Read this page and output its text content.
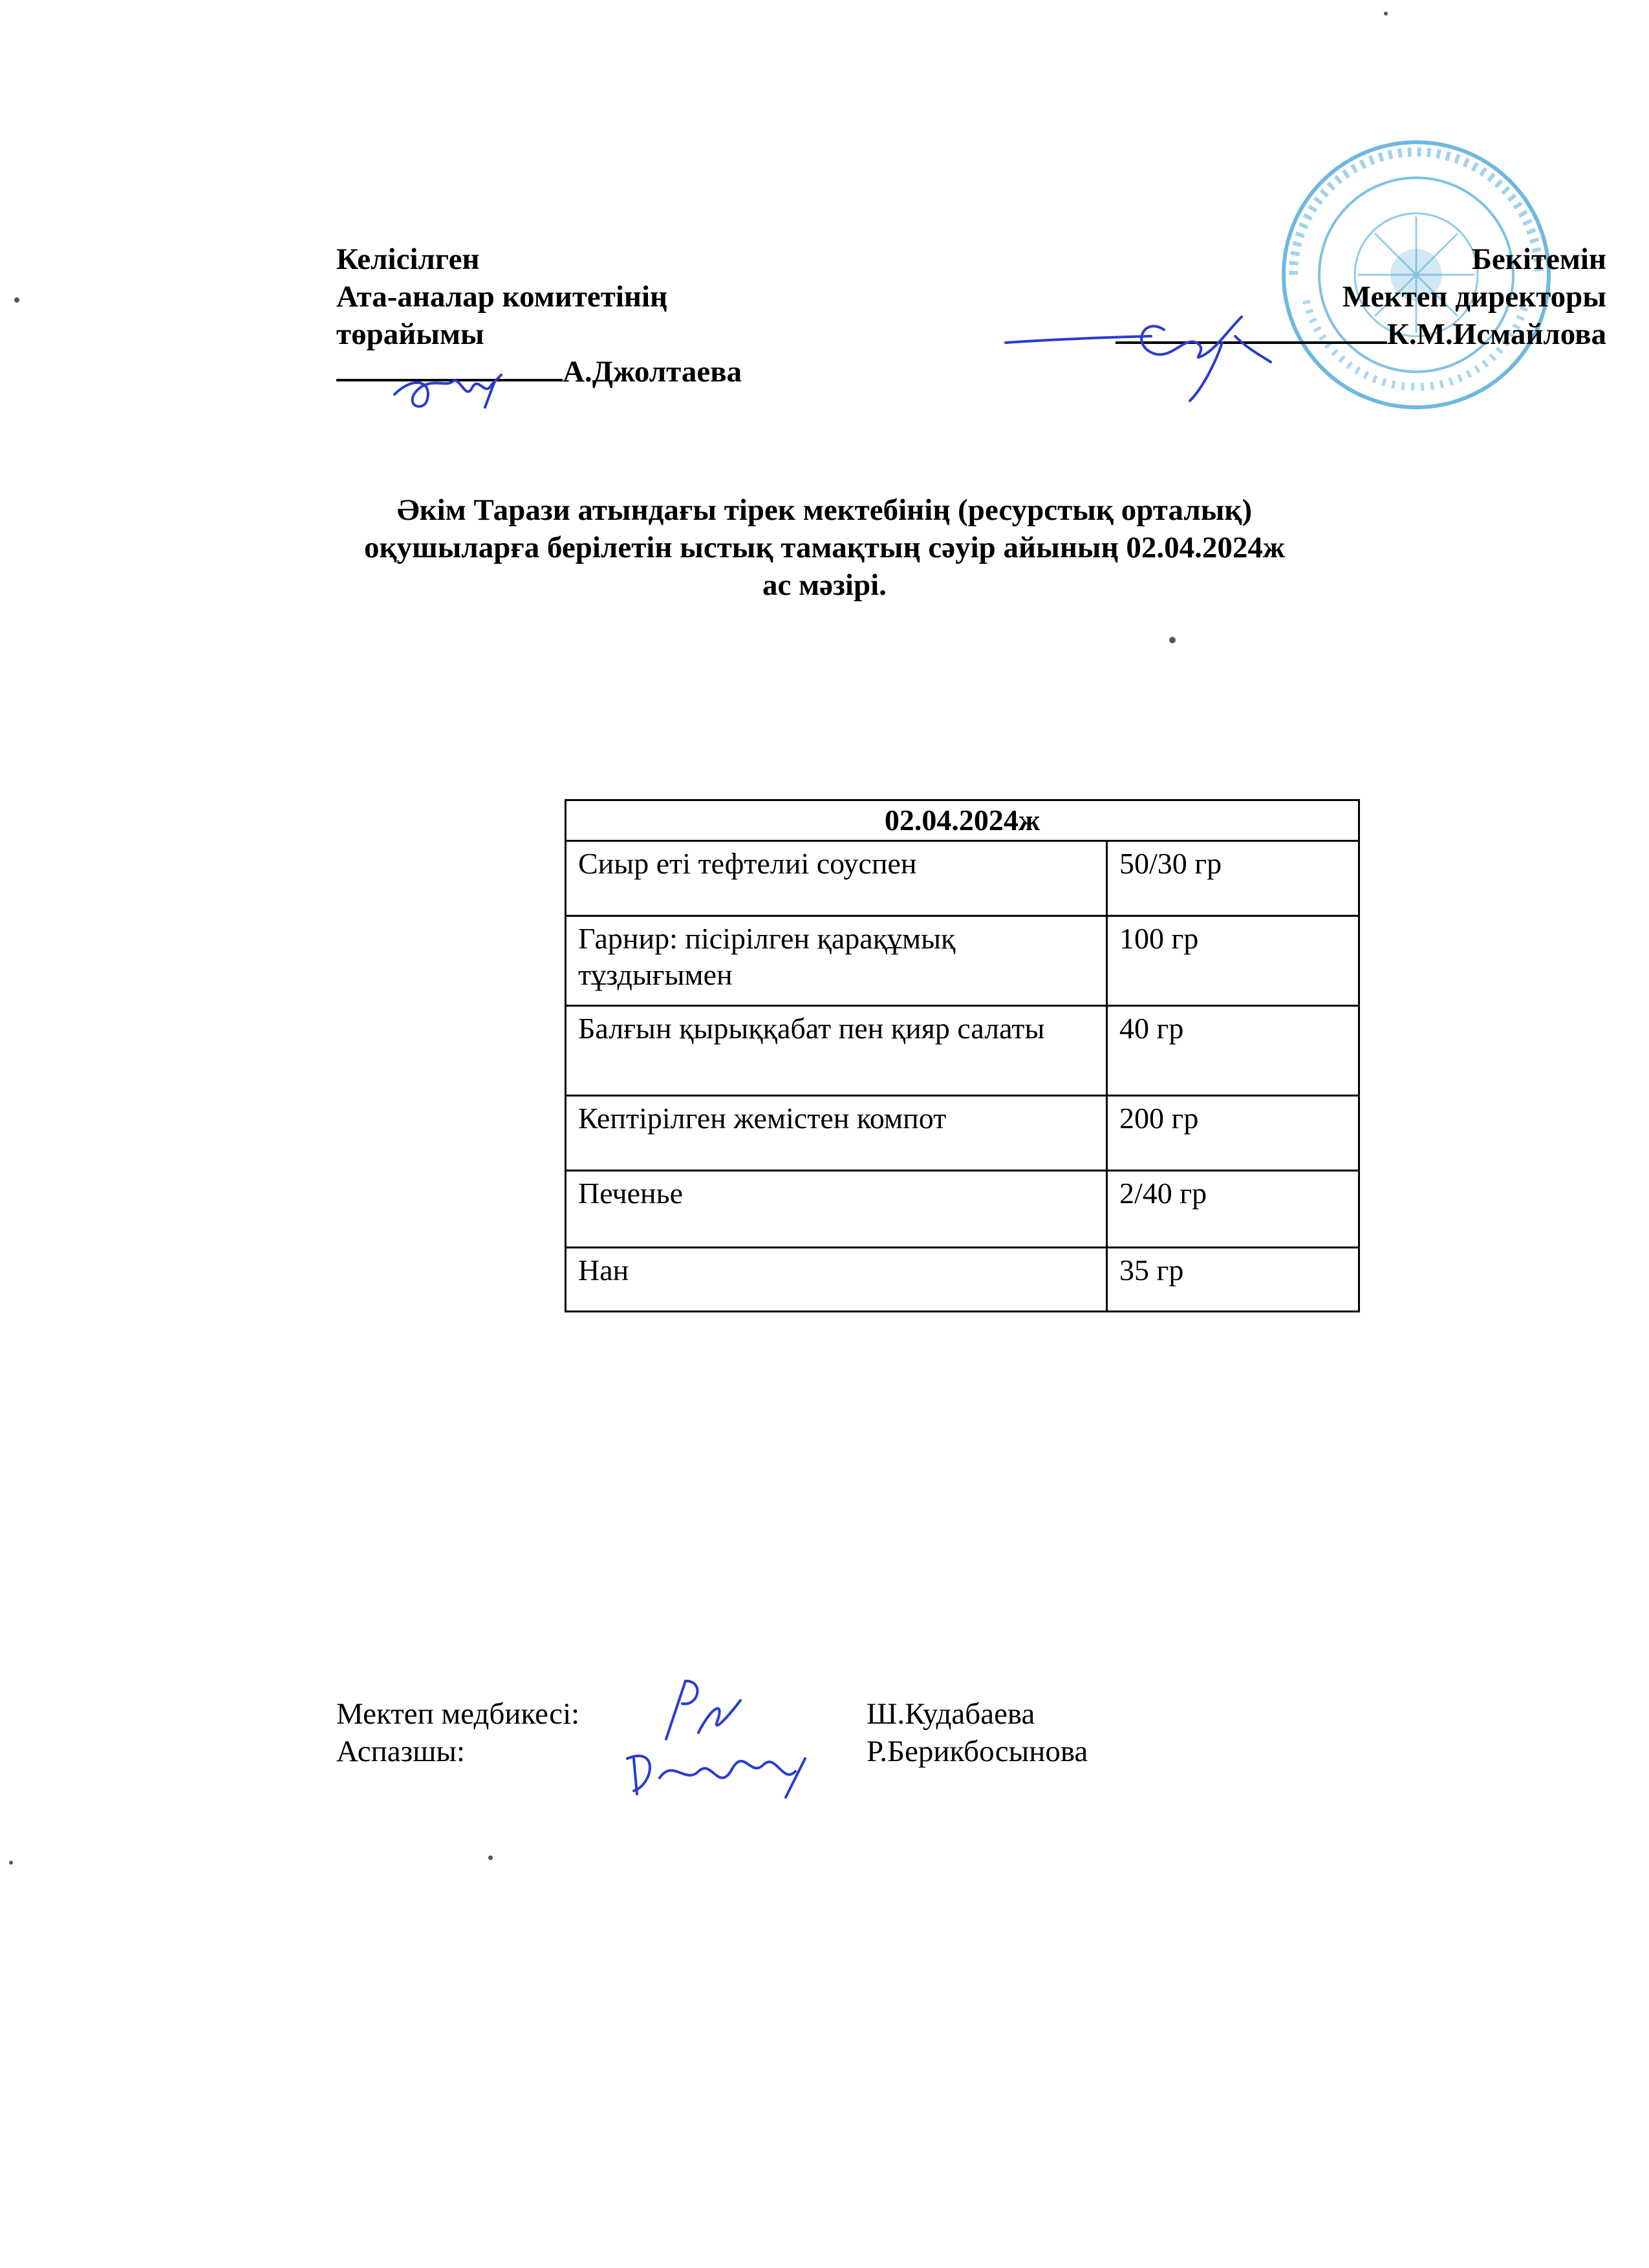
Келісілген
Ата-аналар комитетінің
төрайымы
А.Джолтаева
Бекітемін
Мектеп директоры
К.М.Исмайлова
Әкім Тарази атындағы тірек мектебінің (ресурстық орталық)
оқушыларға берілетін ыстық тамақтың сәуір айының 02.04.2024ж
ас мәзірі.
02.04.2024ж	
Сиыр еті тефтелиі соуспен	50/30 гр
Гарнир: пісірілген қарақұмық тұздығымен	100 гр
Балғын қырыққабат пен қияр салаты	40 гр
Кептірілген жемістен компот	200 гр
Печенье	2/40 гр
Нан	35 гр
Мектеп медбикесі:	Ш.Кудабаева
Аспазшы:	Р.Берикбосынова
